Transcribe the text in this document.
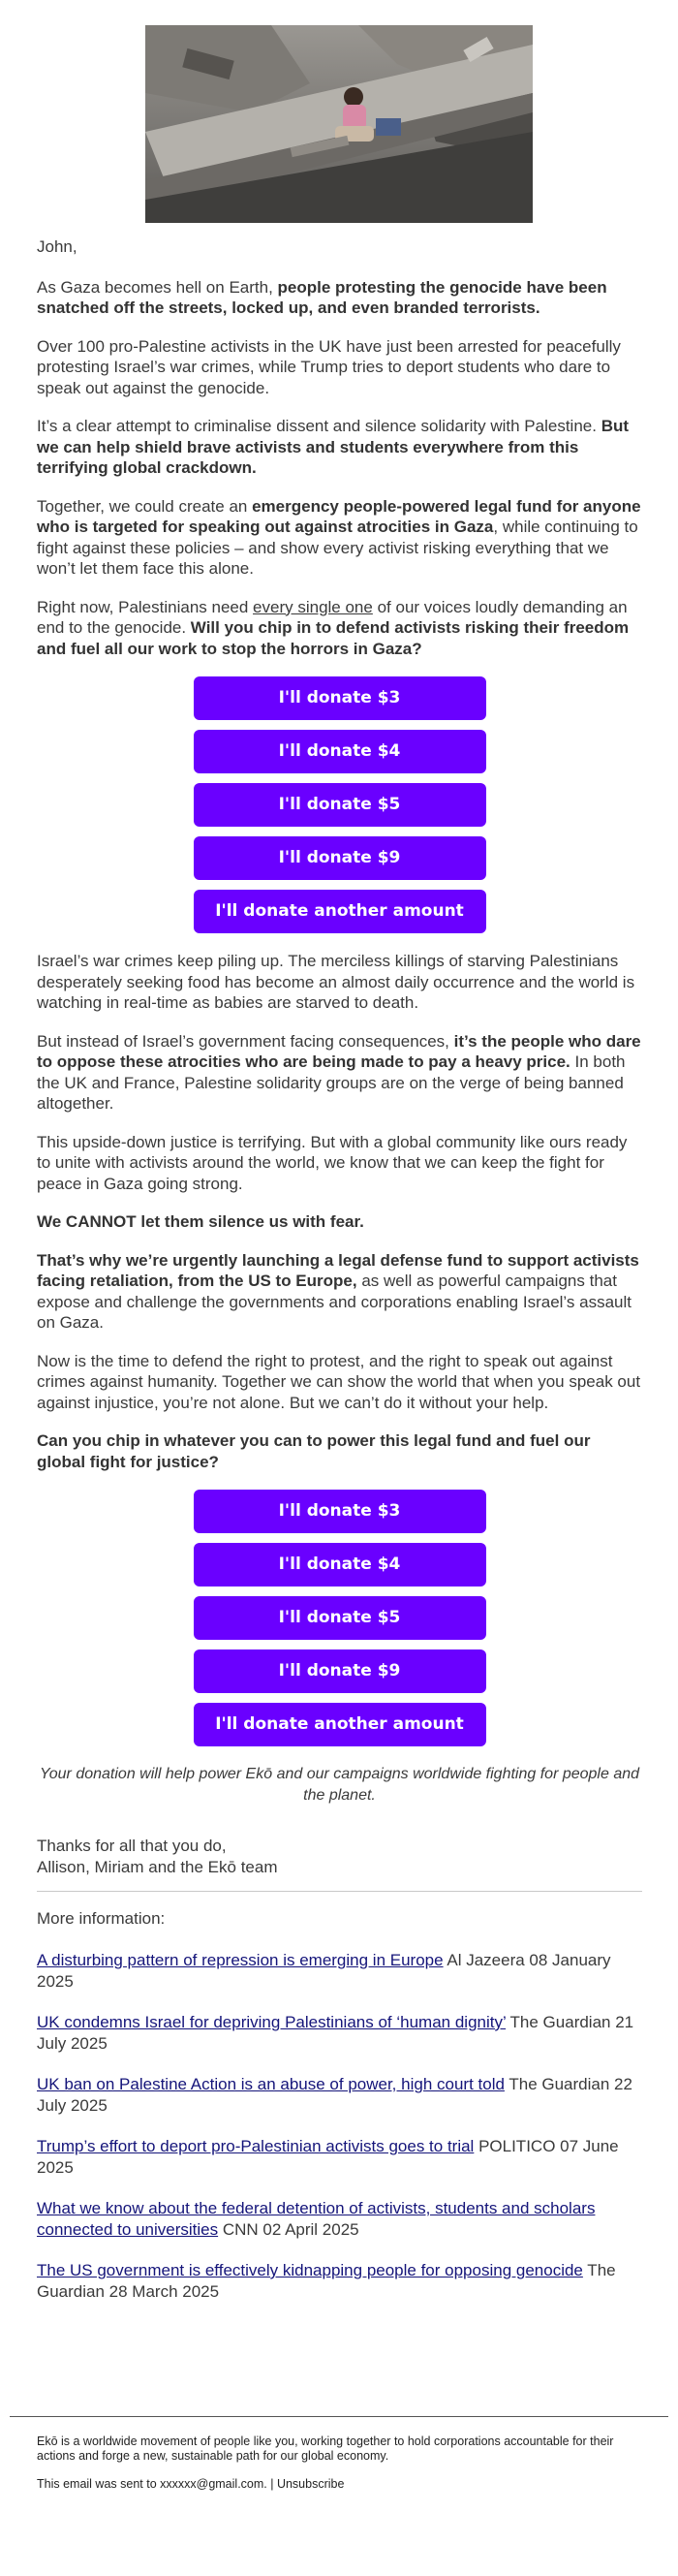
John,

As Gaza becomes hell on Earth, people protesting the genocide have been snatched off the streets, locked up, and even branded terrorists.

Over 100 pro-Palestine activists in the UK have just been arrested for peacefully protesting Israel’s war crimes, while Trump tries to deport students who dare to speak out against the genocide.

It’s a clear attempt to criminalise dissent and silence solidarity with Palestine. But we can help shield brave activists and students everywhere from this terrifying global crackdown.

Together, we could create an emergency people-powered legal fund for anyone who is targeted for speaking out against atrocities in Gaza, while continuing to fight against these policies – and show every activist risking everything that we won’t let them face this alone.

Right now, Palestinians need every single one of our voices loudly demanding an end to the genocide. Will you chip in to defend activists risking their freedom and fuel all our work to stop the horrors in Gaza?

I'll donate $3
I'll donate $4
I'll donate $5
I'll donate $9
I'll donate another amount

Israel’s war crimes keep piling up. The merciless killings of starving Palestinians desperately seeking food has become an almost daily occurrence and the world is watching in real-time as babies are starved to death.

But instead of Israel’s government facing consequences, it’s the people who dare to oppose these atrocities who are being made to pay a heavy price. In both the UK and France, Palestine solidarity groups are on the verge of being banned altogether.

This upside-down justice is terrifying. But with a global community like ours ready to unite with activists around the world, we know that we can keep the fight for peace in Gaza going strong.

We CANNOT let them silence us with fear.

That’s why we’re urgently launching a legal defense fund to support activists facing retaliation, from the US to Europe, as well as powerful campaigns that expose and challenge the governments and corporations enabling Israel’s assault on Gaza.

Now is the time to defend the right to protest, and the right to speak out against crimes against humanity. Together we can show the world that when you speak out against injustice, you’re not alone. But we can’t do it without your help.

Can you chip in whatever you can to power this legal fund and fuel our global fight for justice?

I'll donate $3
I'll donate $4
I'll donate $5
I'll donate $9
I'll donate another amount
Your donation will help power Ekō and our campaigns worldwide fighting for people and the planet.
Thanks for all that you do,
Allison, Miriam and the Ekō team
More information:
A disturbing pattern of repression is emerging in Europe Al Jazeera 08 January 2025
UK condemns Israel for depriving Palestinians of ‘human dignity’ The Guardian 21 July 2025
UK ban on Palestine Action is an abuse of power, high court told The Guardian 22 July 2025
Trump’s effort to deport pro-Palestinian activists goes to trial POLITICO 07 June 2025
What we know about the federal detention of activists, students and scholars connected to universities CNN 02 April 2025
The US government is effectively kidnapping people for opposing genocide The Guardian 28 March 2025

Ekō is a worldwide movement of people like you, working together to hold corporations accountable for their actions and forge a new, sustainable path for our global economy.

This email was sent to xxxxxx@gmail.com. | Unsubscribe
